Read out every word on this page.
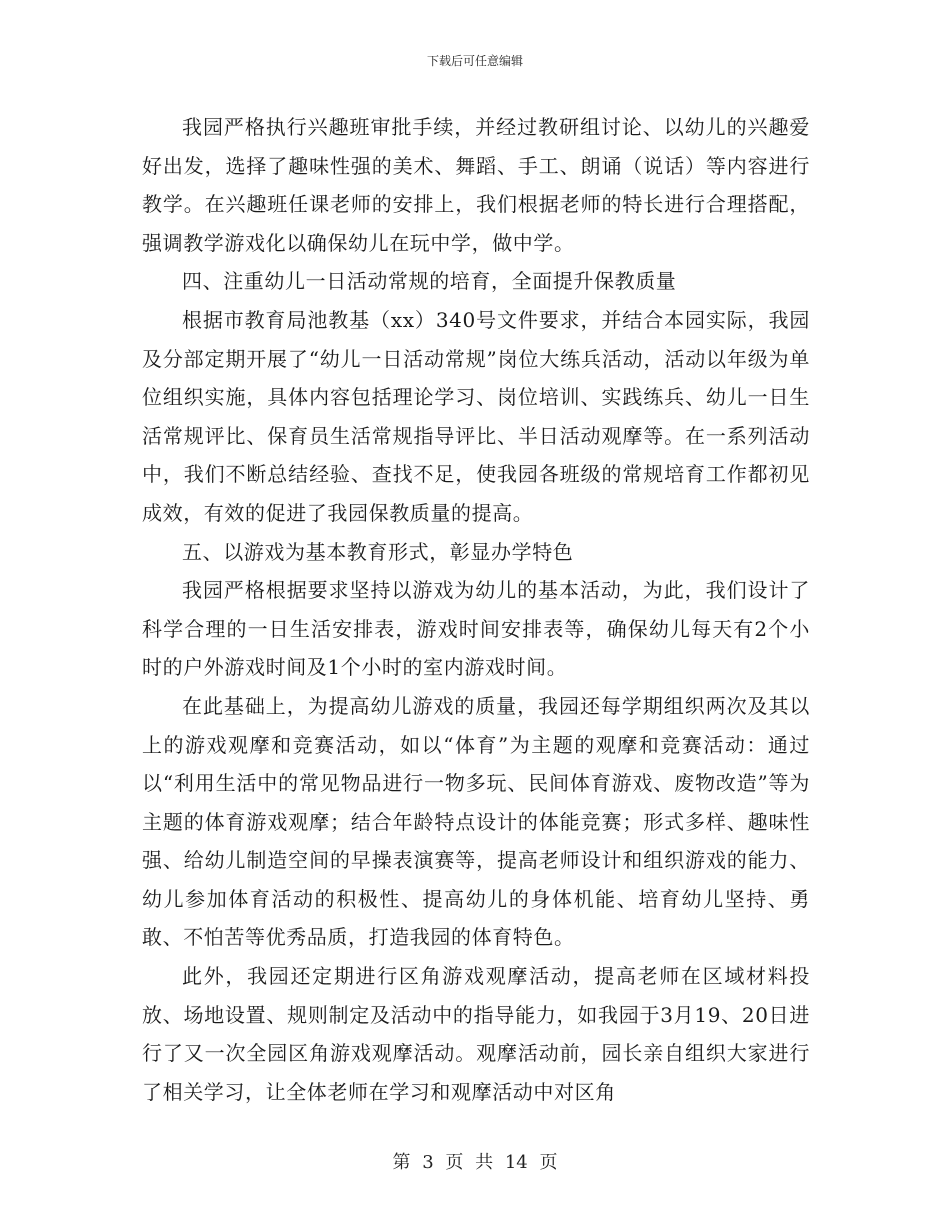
下载后可任意编辑

我园严格执行兴趣班审批手续，并经过教研组讨论、以幼儿的兴趣爱好出发，选择了趣味性强的美术、舞蹈、手工、朗诵（说话）等内容进行教学。在兴趣班任课老师的安排上，我们根据老师的特长进行合理搭配，强调教学游戏化以确保幼儿在玩中学，做中学。

四、注重幼儿一日活动常规的培育，全面提升保教质量

根据市教育局池教基（xx）340号文件要求，并结合本园实际，我园及分部定期开展了“幼儿一日活动常规”岗位大练兵活动，活动以年级为单位组织实施，具体内容包括理论学习、岗位培训、实践练兵、幼儿一日生活常规评比、保育员生活常规指导评比、半日活动观摩等。在一系列活动中，我们不断总结经验、查找不足，使我园各班级的常规培育工作都初见成效，有效的促进了我园保教质量的提高。

五、以游戏为基本教育形式，彰显办学特色

我园严格根据要求坚持以游戏为幼儿的基本活动，为此，我们设计了科学合理的一日生活安排表，游戏时间安排表等，确保幼儿每天有2个小时的户外游戏时间及1个小时的室内游戏时间。

在此基础上，为提高幼儿游戏的质量，我园还每学期组织两次及其以上的游戏观摩和竞赛活动，如以“体育”为主题的观摩和竞赛活动：通过以“利用生活中的常见物品进行一物多玩、民间体育游戏、废物改造”等为主题的体育游戏观摩；结合年龄特点设计的体能竞赛；形式多样、趣味性强、给幼儿制造空间的早操表演赛等，提高老师设计和组织游戏的能力、幼儿参加体育活动的积极性、提高幼儿的身体机能、培育幼儿坚持、勇敢、不怕苦等优秀品质，打造我园的体育特色。

此外，我园还定期进行区角游戏观摩活动，提高老师在区域材料投放、场地设置、规则制定及活动中的指导能力，如我园于3月19、20日进行了又一次全园区角游戏观摩活动。观摩活动前，园长亲自组织大家进行了相关学习，让全体老师在学习和观摩活动中对区角

第 3 页 共 14 页
